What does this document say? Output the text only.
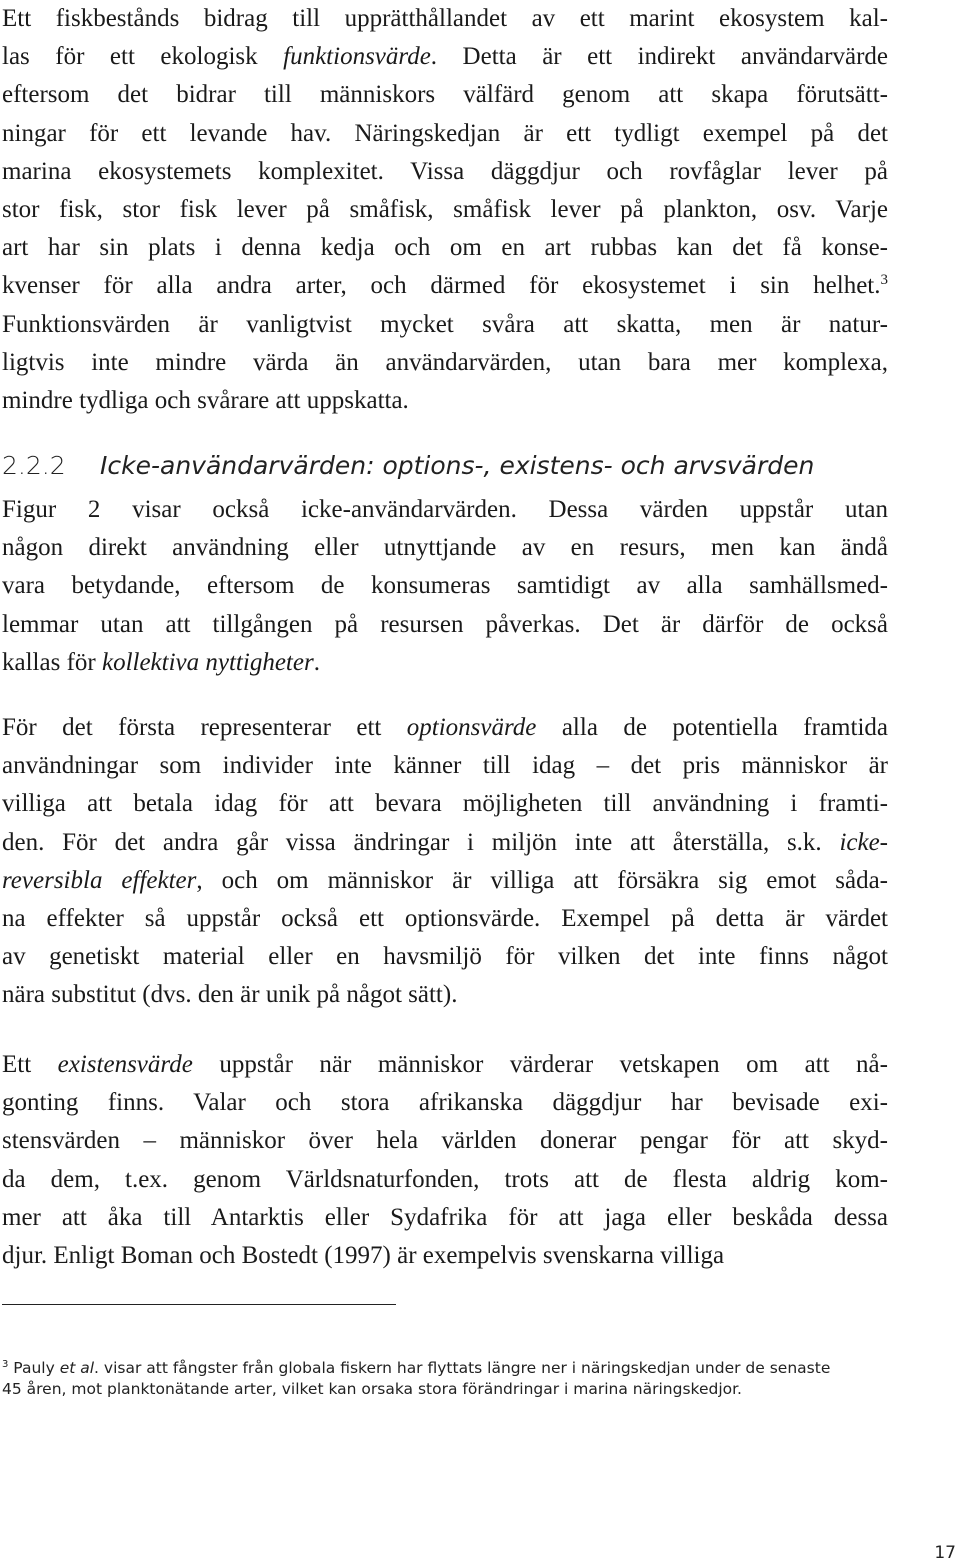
Ett fiskbestånds bidrag till upprätthållandet av ett marint ekosystem kal-
las för ett ekologisk funktionsvärde. Detta är ett indirekt användarvärde
eftersom det bidrar till människors välfärd genom att skapa förutsätt-
ningar för ett levande hav. Näringskedjan är ett tydligt exempel på det
marina ekosystemets komplexitet. Vissa däggdjur och rovfåglar lever på
stor fisk, stor fisk lever på småfisk, småfisk lever på plankton, osv. Varje
art har sin plats i denna kedja och om en art rubbas kan det få konse-
kvenser för alla andra arter, och därmed för ekosystemet i sin helhet.$^3$
Funktionsvärden är vanligtvist mycket svåra att skatta, men är natur-
ligtvis inte mindre värda än användarvärden, utan bara mer komplexa,
mindre tydliga och svårare att uppskatta.
2.2.2 Icke-användarvärden: options-, existens- och arvsvärden
Figur 2 visar också icke-användarvärden. Dessa värden uppstår utan
någon direkt användning eller utnyttjande av en resurs, men kan ändå
vara betydande, eftersom de konsumeras samtidigt av alla samhällsmed-
lemmar utan att tillgången på resursen påverkas. Det är därför de också
kallas för kollektiva nyttigheter.
För det första representerar ett optionsvärde alla de potentiella framtida
användningar som individer inte känner till idag – det pris människor är
villiga att betala idag för att bevara möjligheten till användning i framti-
den. För det andra går vissa ändringar i miljön inte att återställa, s.k. icke-
reversibla effekter, och om människor är villiga att försäkra sig emot såda-
na effekter så uppstår också ett optionsvärde. Exempel på detta är värdet
av genetiskt material eller en havsmiljö för vilken det inte finns något
nära substitut (dvs. den är unik på något sätt).
Ett existensvärde uppstår när människor värderar vetskapen om att nå-
gonting finns. Valar och stora afrikanska däggdjur har bevisade exi-
stensvärden – människor över hela världen donerar pengar för att skyd-
da dem, t.ex. genom Världsnaturfonden, trots att de flesta aldrig kom-
mer att åka till Antarktis eller Sydafrika för att jaga eller beskåda dessa
djur. Enligt Boman och Bostedt (1997) är exempelvis svenskarna villiga
$^3$ Pauly et al. visar att fångster från globala fiskern har flyttats längre ner i näringskedjan under de senaste
45 åren, mot planktonätande arter, vilket kan orsaka stora förändringar i marina näringskedjor.
17
